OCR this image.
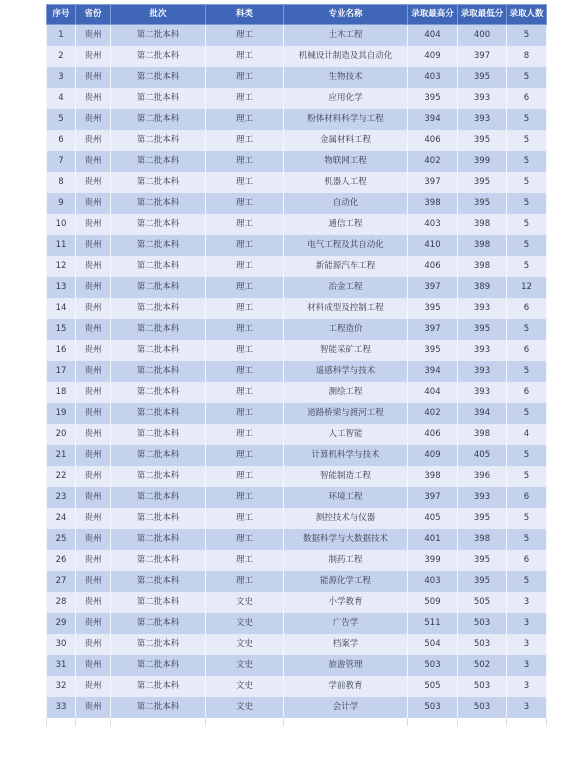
序号	省份	批次	科类	专业名称	录取最高分	录取最低分	录取人数
1	贵州	第二批本科	理工	土木工程	404	400	5
2	贵州	第二批本科	理工	机械设计制造及其自动化	409	397	8
3	贵州	第二批本科	理工	生物技术	403	395	5
4	贵州	第二批本科	理工	应用化学	395	393	6
5	贵州	第二批本科	理工	粉体材料科学与工程	394	393	5
6	贵州	第二批本科	理工	金属材料工程	406	395	5
7	贵州	第二批本科	理工	物联网工程	402	399	5
8	贵州	第二批本科	理工	机器人工程	397	395	5
9	贵州	第二批本科	理工	自动化	398	395	5
10	贵州	第二批本科	理工	通信工程	403	398	5
11	贵州	第二批本科	理工	电气工程及其自动化	410	398	5
12	贵州	第二批本科	理工	新能源汽车工程	406	398	5
13	贵州	第二批本科	理工	冶金工程	397	389	12
14	贵州	第二批本科	理工	材料成型及控制工程	395	393	6
15	贵州	第二批本科	理工	工程造价	397	395	5
16	贵州	第二批本科	理工	智能采矿工程	395	393	6
17	贵州	第二批本科	理工	遥感科学与技术	394	393	5
18	贵州	第二批本科	理工	测绘工程	404	393	6
19	贵州	第二批本科	理工	道路桥梁与渡河工程	402	394	5
20	贵州	第二批本科	理工	人工智能	406	398	4
21	贵州	第二批本科	理工	计算机科学与技术	409	405	5
22	贵州	第二批本科	理工	智能制造工程	398	396	5
23	贵州	第二批本科	理工	环境工程	397	393	6
24	贵州	第二批本科	理工	测控技术与仪器	405	395	5
25	贵州	第二批本科	理工	数据科学与大数据技术	401	398	5
26	贵州	第二批本科	理工	制药工程	399	395	6
27	贵州	第二批本科	理工	能源化学工程	403	395	5
28	贵州	第二批本科	文史	小学教育	509	505	3
29	贵州	第二批本科	文史	广告学	511	503	3
30	贵州	第二批本科	文史	档案学	504	503	3
31	贵州	第二批本科	文史	旅游管理	503	502	3
32	贵州	第二批本科	文史	学前教育	505	503	3
33	贵州	第二批本科	文史	会计学	503	503	3
